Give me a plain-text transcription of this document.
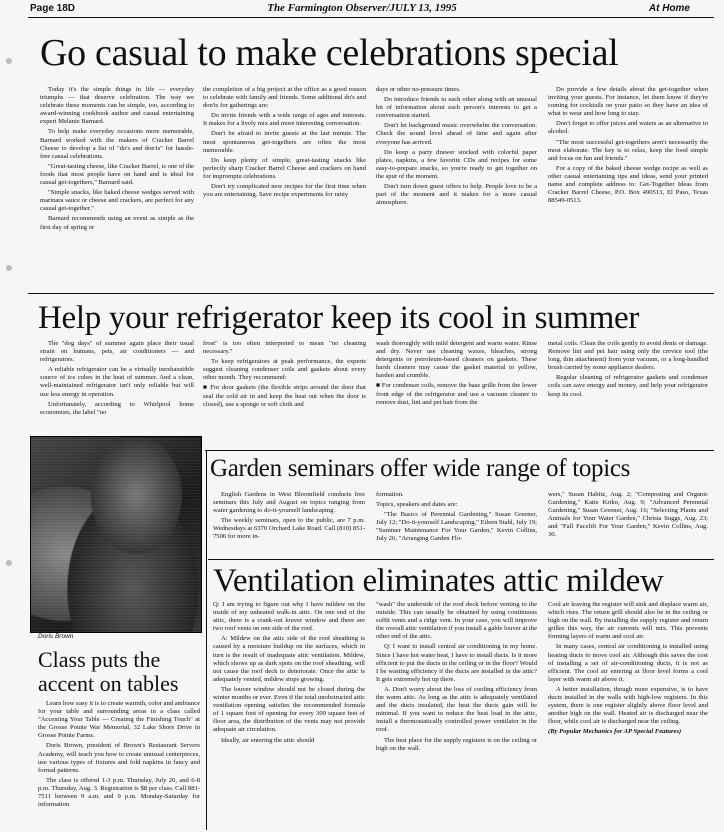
Page 18D	The Farmington Observer/JULY 13, 1995	At Home
Go casual to make celebrations special

Today it's the simple things in life — everyday triumphs — that deserve celebration. The way we celebrate these moments can be simple, too, according to award-winning cookbook author and casual entertaining expert Melanie Barnard.

To help make everyday occasions more memorable, Barnard worked with the makers of Cracker Barrel Cheese to develop a list of "do's and don'ts" for hassle-free casual celebrations.

"Great-tasting cheese, like Cracker Barrel, is one of the foods that most people have on hand and is ideal for casual get-togethers," Barnard said.

"Simple snacks, like baked cheese wedges served with marinara sauce or cheese and crackers, are perfect for any casual get-together."

Barnard recommends using an event as simple as the first day of spring or

the completion of a big project at the office as a good reason to celebrate with family and friends. Some additonal do's and don'ts for gatherings are:

Do invite friends with a wide range of ages and interests. It makes for a lively mix and more interesting conversation.

Don't be afraid to invite guests at the last minute. The most spontaneous get-togethers are often the most memorable.

Do keep plenty of simple, great-tasting snacks like perfectly sharp Cracker Barrel Cheese and crackers on hand for impromptu celebrations.

Don't try complicated new recipes for the first time when you are entertaining. Save recipe experiments for rainy

days or other no-pressure times.

Do introduce friends to each other along with an unusual bit of information about each person's interests to get a conversation started.

Don't let background music overwhelm the conversation. Check the sound level ahead of time and again after everyone has arrived.

Do keep a party drawer stocked with colorful paper plates, napkins, a few favorite CDs and recipes for some easy-to-prepare snacks, so you're ready to get together on the spur of the moment.

Don't turn down guest offers to help. People love to be a part of the moment and it makes for a more casual atmosphere.

Do provide a few details about the get-together when inviting your guests. For instance, let them know if they're coming for cocktails on your patio so they have an idea of what to wear and how long to stay.

Don't forget to offer juices and waters as an alternative to alcohol.

"The most successful get-togethers aren't necessarily the most elaborate. The key is to relax, keep the food simple and focus on fun and friends."

For a copy of the baked cheese wedge recipe as well as other casual entertaining tips and ideas, send your printed name and complete address to: Get-Together Ideas from Cracker Barrel Cheese, P.O. Box 490513, El Paso, Texas 88549-0513.

Help your refrigerator keep its cool in summer

The "dog days" of summer again place their usual strain on humans, pets, air conditioners — and refrigerators.

A reliable refrigerator can be a virtually inexhaustible source of ice cubes in the heat of summer. And a clean, well-maintained refrigerator isn't only reliable but will use less energy in operation.

Unfortunately, according to Whirlpool home economists, the label "no

frost" is too often interpreted to mean "no cleaning necessary."

To keep refrigerators at peak performance, the experts suggest cleaning condenser coils and gaskets about every other month. They recommend:

■ For door gaskets (the flexible strips around the door that seal the cold air in and keep the heat out when the door is closed), use a sponge or soft cloth and

wash thoroughly with mild detergent and warm water. Rinse and dry. Never use cleaning waxes, bleaches, strong detergents or petroleum-based cleaners on gaskets. These harsh cleaners may cause the gasket material to yellow, harden and crumble.

■ For condenser coils, remove the base grille from the lower front edge of the refrigerator and use a vacuum cleaner to remove dust, lint and pet hair from the

metal coils. Clean the coils gently to avoid dents or damage. Remove lint and pet hair using only the crevice tool (the long, thin attachment) from your vacuum, or a long-handled brush carried by some appliance dealers.

Regular cleaning of refrigerator gaskets and condenser coils can save energy and money, and help your refrigerator keep its cool.

Doris Brown
Class puts the accent on tables

Learn how easy it is to create warmth, color and ambiance for your table and surrounding areas in a class called "Accenting Your Table — Creating the Finishing Touch" at the Grosse Pointe War Memorial, 32 Lake Shore Drive in Grosse Pointe Farms.

Doris Brown, president of Brown's Restaurant Servers Academy, will teach you how to create unusual centerpieces, use various types of fixtures and fold napkins in fancy and formal patterns.

The class is offered 1-3 p.m. Thursday, July 20, and 6-8 p.m. Thursday, Aug. 3. Registration is $8 per class. Call 881-7511 between 9 a.m. and 9 p.m. Monday-Saturday for information.

Garden seminars offer wide range of topics

English Gardens in West Bloomfield conducts free seminars this July and August on topics ranging from water gardening to do-it-yourself landscaping.

The weekly seminars, open to the public, are 7 p.m. Wednesdays at 6370 Orchard Lake Road. Call (810) 851-7506 for more in-

formation.

Topics, speakers and dates are:

"The Basics of Perennial Gardening," Susan Greener, July 12; "Do-it-yourself Landscaping," Eileen Stahl, July 19; "Summer Maintenance For Your Garden," Kevin Collins, July 26; "Arranging Garden Flo-

wers," Susan Habitz, Aug. 2; "Composting and Organic Gardening," Katie Kriko, Aug. 9; "Advanced Perennial Gardening," Susan Greener, Aug. 16; "Selecting Plants and Animals for Your Water Garden," Christa Suggs, Aug. 23; and "Fall Facelift For Your Garden," Kevin Collins, Aug. 30.

Ventilation eliminates attic mildew

Q: I am trying to figure out why I have mildew on the inside of my unheated walk-in attic. On one end of the attic, there is a crank-out louver window and there are two roof vents on one side of the roof.

A: Mildew on the attic side of the roof sheathing is caused by a moisture buildup on the surfaces, which in turn is the result of inadequate attic ventilation. Mildew, which shows up as dark spots on the roof sheathing, will not cause the roof deck to deteriorate. Once the attic is adequately vented, mildew stops growing.

The louver window should not be closed during the winter months or ever. Even if the total unobstructed attic ventilation opening satisfies the recommended formula of 1 square foot of opening for every 300 square feet of floor area, the distribution of the vents may not provide adequate air circulation.

Ideally, air entering the attic should

"wash" the underside of the roof deck before venting to the outside. This can usually be obtained by using continuous soffit vents and a ridge vent. In your case, you will improve the overall attic ventilation if you install a gable louver at the other end of the attic.

Q: I want to install central air conditioning in my home. Since I have hot water heat, I have to install ducts. Is it more efficient to put the ducts in the ceiling or in the floor? Would I be wasting efficiency if the ducts are installed in the attic? It gets extremely hot up there.

A. Don't worry about the loss of cooling efficiency from the warm attic. As long as the attic is adequately ventilated and the ducts insulated, the heat the ducts gain will be minimal. If you want to reduce the heat load in the attic, install a thermostatically controlled power ventilator in the roof.

The best place for the supply registers is on the ceiling or high on the wall.

Cool air leaving the register will sink and displace warm air, which rises. The return grill should also be in the ceiling or high on the wall. By installing the supply register and return grilles this way, the air currents will mix. This prevents forming layers of warm and cool air.

In many cases, central air conditioning is installed using heating ducts to move cool air. Although this saves the cost of installing a set of air-conditioning ducts, it is not as efficient. The cool air entering at floor level forms a cool layer with warm air above it.

A better installation, though more expensive, is to have ducts installed in the walls with high-low registers. In this system, there is one register slightly above floor level and another high on the wall. Heated air is discharged near the floor, while cool air is discharged near the ceiling.

(By Popular Mechanics for AP Special Features)
